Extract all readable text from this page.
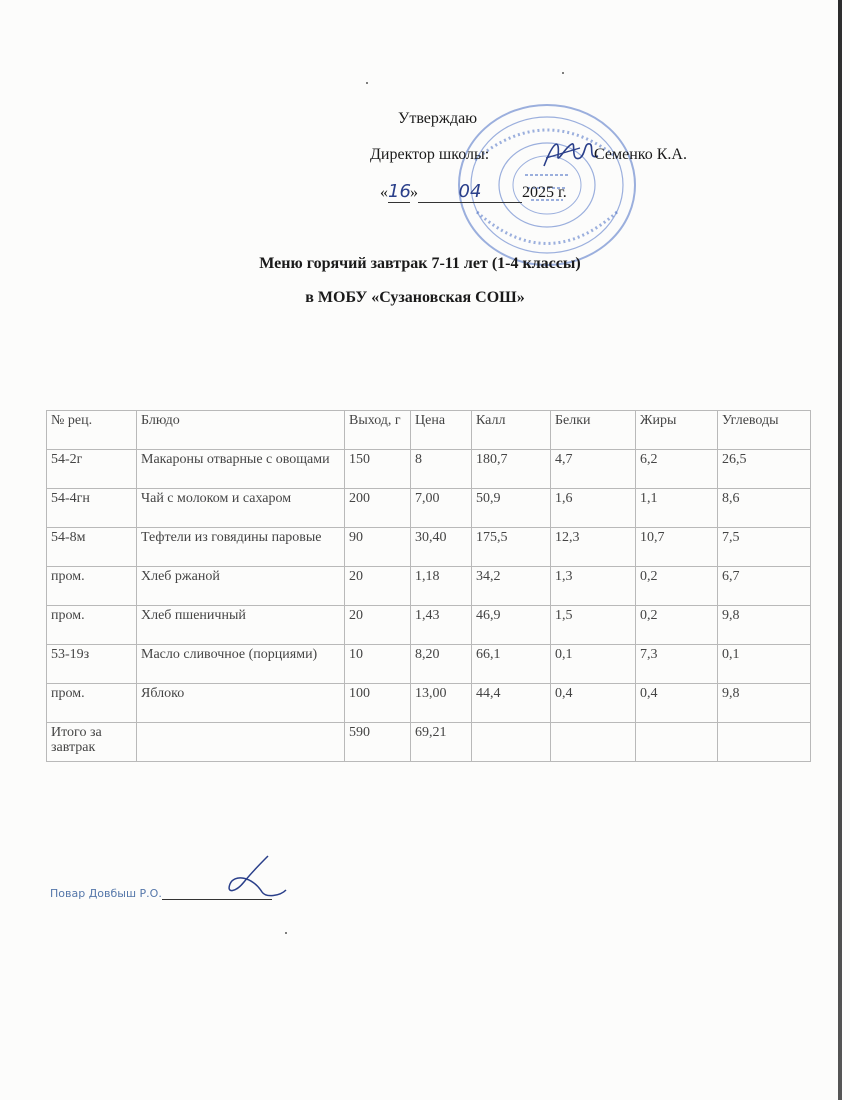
Утверждаю
Директор школы:	Семенко К.А.
«16» 04	2025 г.
Меню горячий завтрак 7-11 лет (1-4 классы)
в МОБУ «Сузановская СОШ»
№ рец.	Блюдо	Выход, г	Цена	Калл	Белки	Жиры	Углеводы
54-2г	Макароны отварные с овощами	150	8	180,7	4,7	6,2	26,5
54-4гн	Чай с молоком и сахаром	200	7,00	50,9	1,6	1,1	8,6
54-8м	Тефтели из говядины паровые	90	30,40	175,5	12,3	10,7	7,5
пром.	Хлеб ржаной	20	1,18	34,2	1,3	0,2	6,7
пром.	Хлеб пшеничный	20	1,43	46,9	1,5	0,2	9,8
53-19з	Масло сливочное (порциями)	10	8,20	66,1	0,1	7,3	0,1
пром.	Яблоко	100	13,00	44,4	0,4	0,4	9,8
Итого за завтрак		590	69,21				
Повар Довбыш Р.О.
